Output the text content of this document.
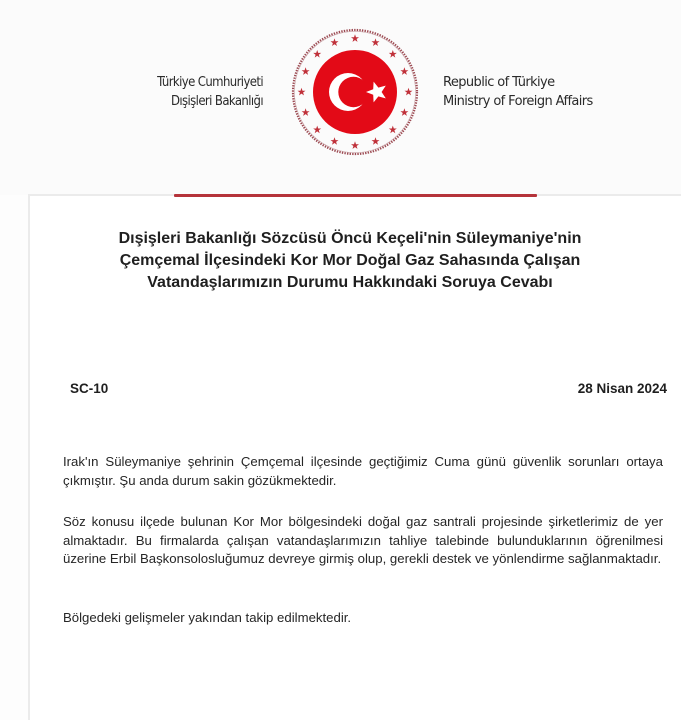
Türkiye Cumhuriyeti
Dışişleri Bakanlığı
Republic of Türkiye
Ministry of Foreign Affairs
Dışişleri Bakanlığı Sözcüsü Öncü Keçeli'nin Süleymaniye'nin
Çemçemal İlçesindeki Kor Mor Doğal Gaz Sahasında Çalışan
Vatandaşlarımızın Durumu Hakkındaki Soruya Cevabı
SC-10	28 Nisan 2024

Irak'ın Süleymaniye şehrinin Çemçemal ilçesinde geçtiğimiz Cuma günü güvenlik sorunları ortaya çıkmıştır. Şu anda durum sakin gözükmektedir.

Söz konusu ilçede bulunan Kor Mor bölgesindeki doğal gaz santrali projesinde şirketlerimiz de yer almaktadır. Bu firmalarda çalışan vatandaşlarımızın tahliye talebinde bulunduklarının öğrenilmesi üzerine Erbil Başkonsolosluğumuz devreye girmiş olup, gerekli destek ve yönlendirme sağlanmaktadır.

Bölgedeki gelişmeler yakından takip edilmektedir.
